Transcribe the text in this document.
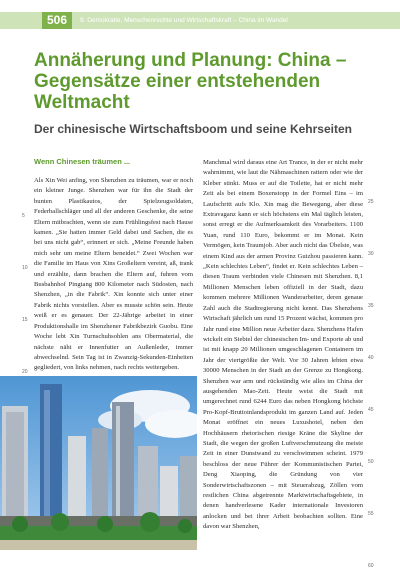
506	9. Demokratie, Menschenrechte und Wirtschaftskraft – China im Wandel
Annäherung und Planung: China – Gegensätze einer entstehenden Weltmacht
Der chinesische Wirtschaftsboom und seine Kehrseiten
Wenn Chinesen träumen ...

Als Xin Wei anfing, von Shenzhen zu träumen, war er noch ein kleiner Junge. Shenzhen war für ihn die Stadt der bunten Plastikautos, der Spielzeugsoldaten, Federballschläger und all der anderen Geschenke, die seine Eltern mitbrachten, wenn sie zum Frühlingsfest nach Hause kamen. „Sie hatten immer Geld dabei und Sachen, die es bei uns nicht gab“, erinnert er sich. „Meine Freunde haben mich sehr um meine Eltern beneidet.“ Zwei Wochen war die Familie im Haus von Xins Großeltern vereint, aß, trank und erzählte, dann brachen die Eltern auf, fuhren vom Busbahnhof Pingtang 800 Kilometer nach Südosten, nach Shenzhen, „in die Fabrik“. Xin konnte sich unter einer Fabrik nichts vorstellen. Aber es musste schön sein. Heute weiß er es genauer. Der 22-Jährige arbeitet in einer Produktionshalle im Shenzhener Fabrikbezirk Guobu. Eine Woche lebt Xin Turnschuhsohlen ans Obermaterial, die nächste näht er Innenfutter an Außenleder, immer abwechselnd. Sein Tag ist in Zwanzig-Sekunden-Einheiten gegliedert, von links nehmen, nach rechts weitergeben.

5
10
15
20

Manchmal wird daraus eine Art Trance, in der er nicht mehr wahrnimmt, wie laut die Nähmaschinen rattern oder wie der Kleber stinkt. Muss er auf die Toilette, hat er nicht mehr Zeit als bei einem Boxenstopp in der Formel Eins – im Laufschritt aufs Klo. Xin mag die Bewegung, aber diese Extravaganz kann er sich höchstens ein Mal täglich leisten, sonst erregt er die Aufmerksamkeit des Vorarbeiters. 1100 Yuan, rund 110 Euro, bekommt er im Monat. Kein Vermögen, kein Traumjob. Aber auch nicht das Übelste, was einem Kind aus der armen Provinz Guizhou passieren kann. „Kein schlechtes Leben“, findet er. Kein schlechtes Leben – diesen Traum verbinden viele Chinesen mit Shenzhen. 8,1 Millionen Menschen leben offiziell in der Stadt, dazu kommen mehrere Millionen Wanderarbeiter, deren genaue Zahl auch die Stadtregierung nicht kennt. Das Shenzhens Wirtschaft jährlich um rund 15 Prozent wächst, kommen pro Jahr rund eine Million neue Arbeiter dazu. Shenzhens Hafen wickelt ein Siebtel der chinesischen Im- und Exporte ab und ist mit knapp 20 Millionen umgeschlagenen Containern im Jahr der viertgrößte der Welt. Vor 30 Jahren lebten etwa 30000 Menschen in der Stadt an der Grenze zu Hongkong. Shenzhen war arm und rückständig wie alles im China der ausgehenden Mao-Zeit. Heute weist die Stadt mit umgerechnet rund 6244 Euro das neben Hongkong höchste Pro-Kopf-Bruttoinlandsprodukt im ganzen Land auf. Jeden Monat eröffnet ein neues Luxushotel, neben den Hochhäusern rhetorischen riesige Kräne die Skyline der Stadt, die wegen der großen Luftverschmutzung die meiste Zeit in einer Dunstwand zu verschwimmen scheint. 1979 beschloss der neue Führer der Kommunistischen Partei, Deng Xiaoping, die Gründung von vier Sonderwirtschaftszonen – mit Steuerabzug, Zöllen vom restlichen China abgetrennte Marktwirtschaftsgebiete, in denen handverlesene Kader internationale Investoren anlocken und bei ihrer Arbeit beobachten sollten. Eine davon war Shenzhen,

25
30
35
40
45
50
55
60
